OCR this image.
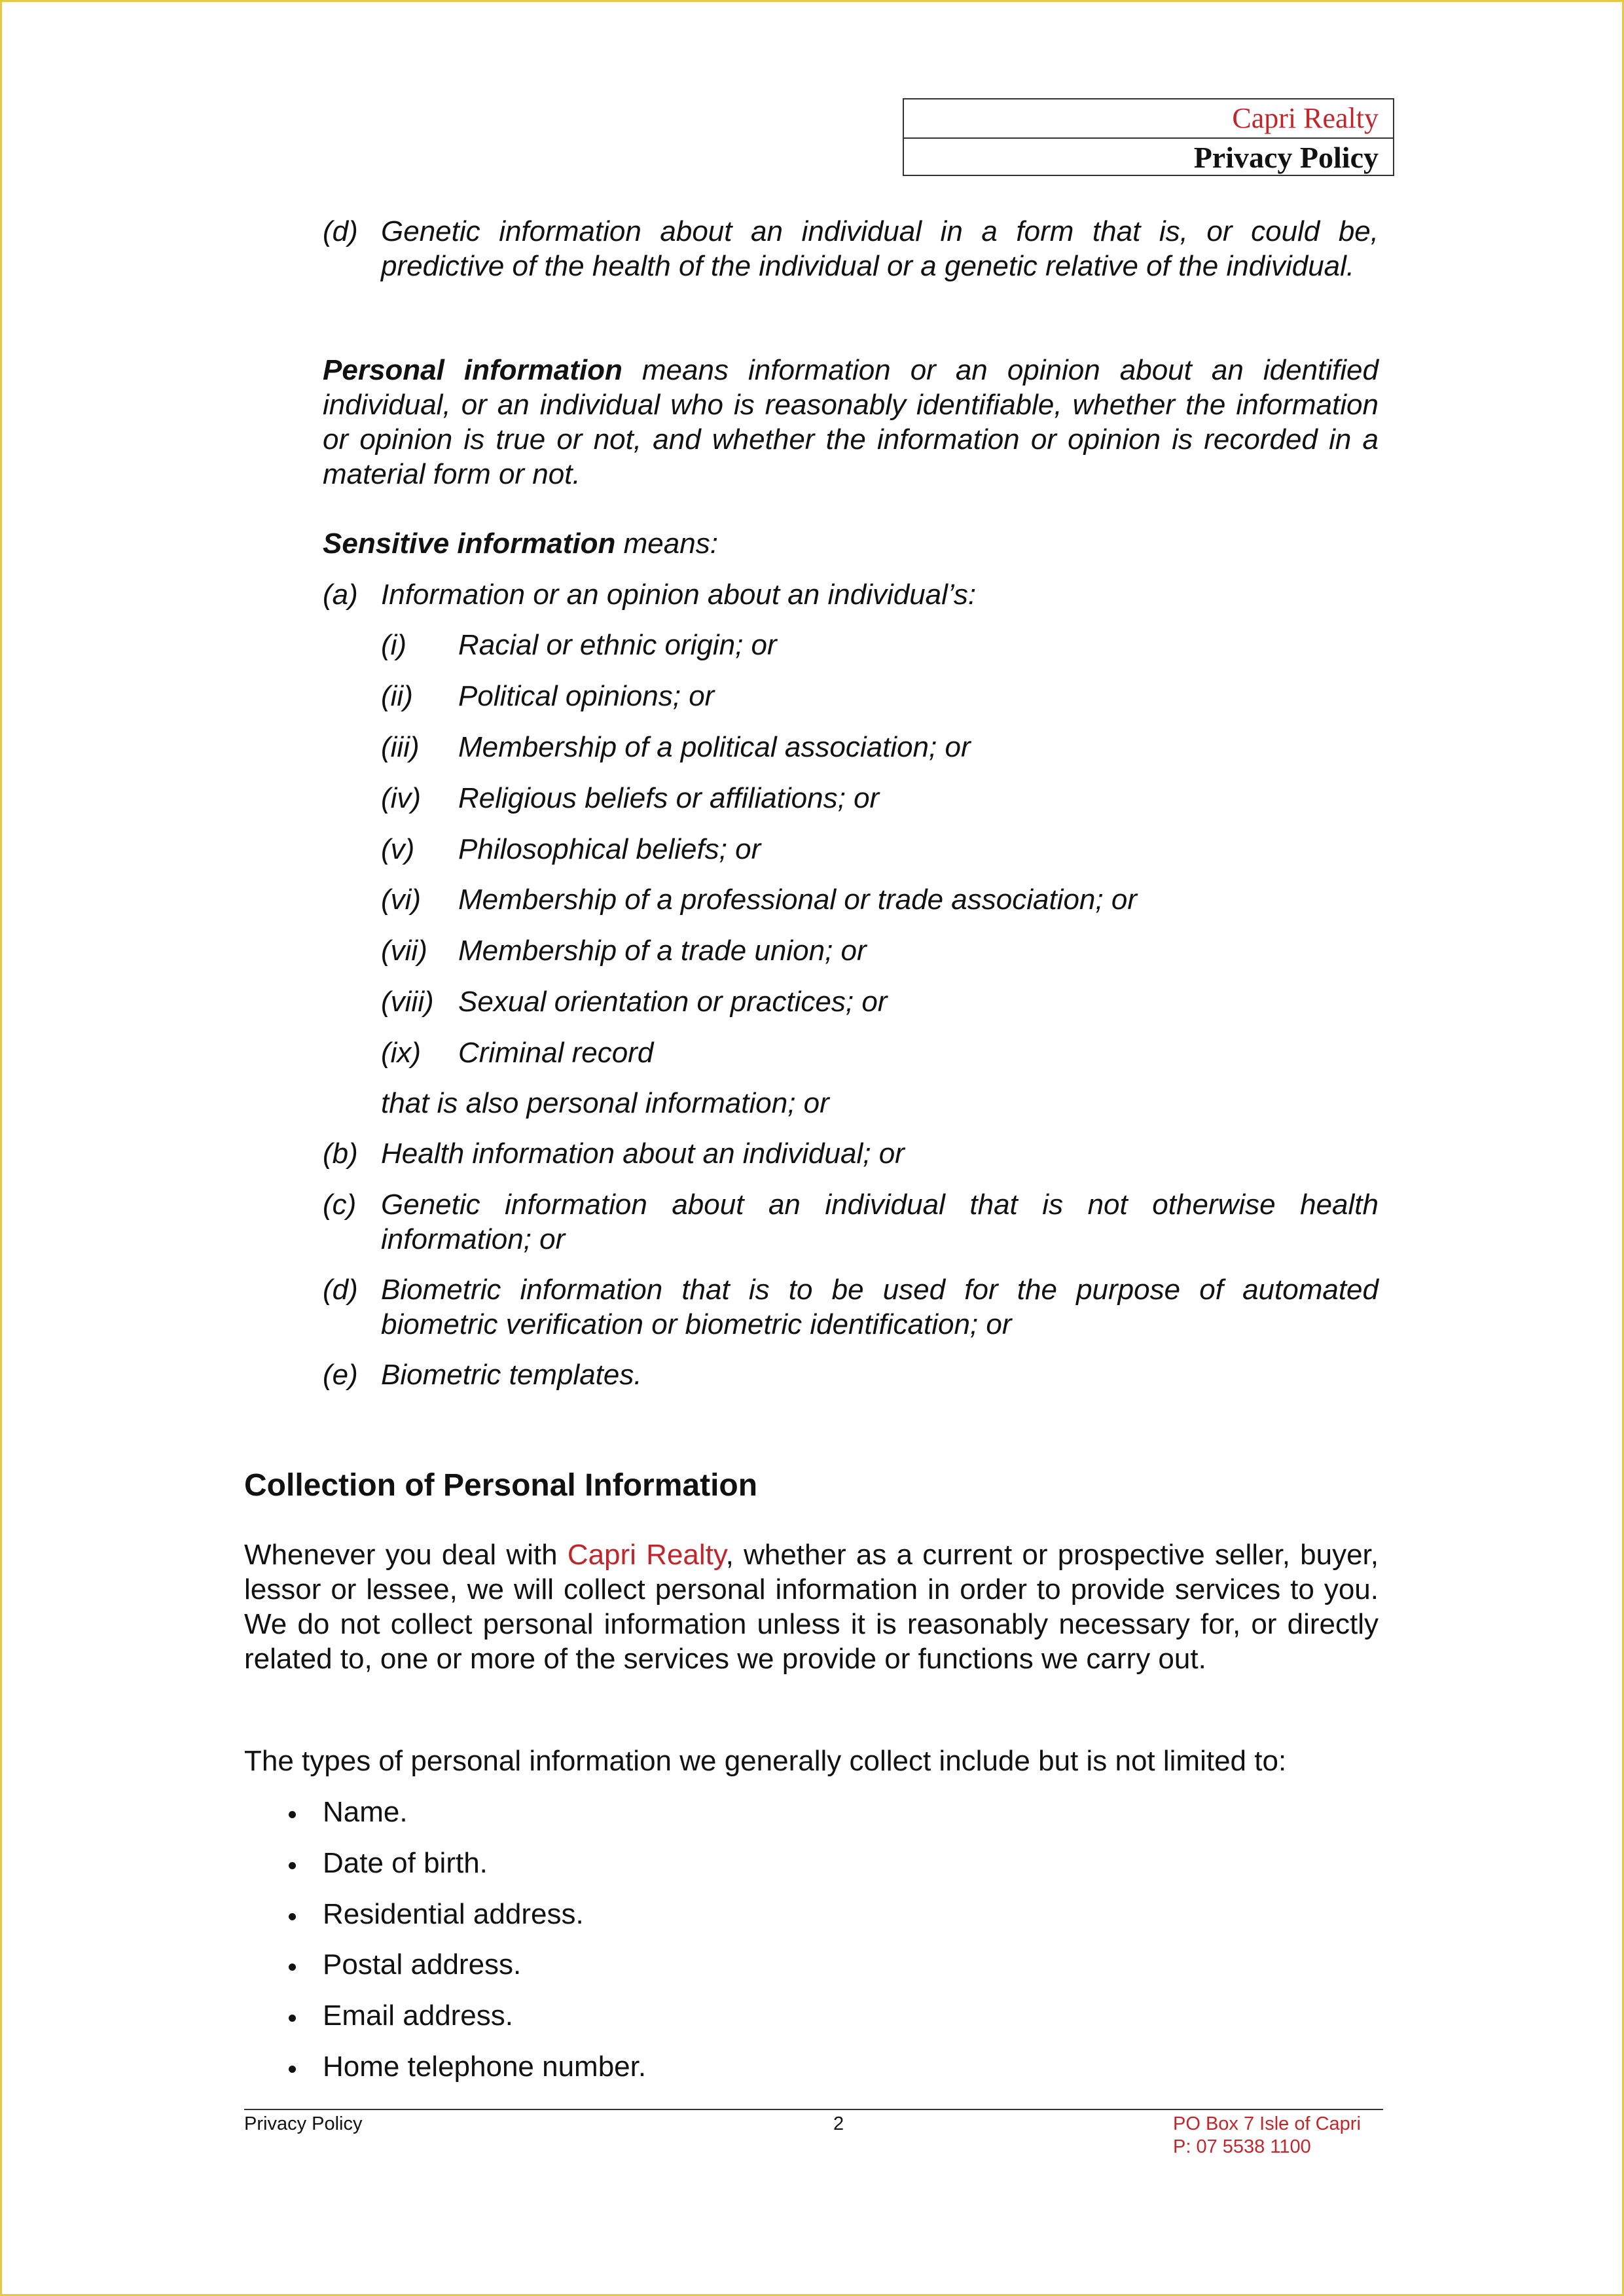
Capri Realty
Privacy Policy
(d) Genetic information about an individual in a form that is, or could be, predictive of the health of the individual or a genetic relative of the individual.
Personal information means information or an opinion about an identified individual, or an individual who is reasonably identifiable, whether the information or opinion is true or not, and whether the information or opinion is recorded in a material form or not.
Sensitive information means:
(a) Information or an opinion about an individual’s:
(i) Racial or ethnic origin; or
(ii) Political opinions; or
(iii) Membership of a political association; or
(iv) Religious beliefs or affiliations; or
(v) Philosophical beliefs; or
(vi) Membership of a professional or trade association; or
(vii) Membership of a trade union; or
(viii) Sexual orientation or practices; or
(ix) Criminal record
that is also personal information; or
(b) Health information about an individual; or
(c) Genetic information about an individual that is not otherwise health information; or
(d) Biometric information that is to be used for the purpose of automated biometric verification or biometric identification; or
(e) Biometric templates.
Collection of Personal Information
Whenever you deal with Capri Realty, whether as a current or prospective seller, buyer, lessor or lessee, we will collect personal information in order to provide services to you. We do not collect personal information unless it is reasonably necessary for, or directly related to, one or more of the services we provide or functions we carry out.
The types of personal information we generally collect include but is not limited to:
Name.
Date of birth.
Residential address.
Postal address.
Email address.
Home telephone number.
Privacy Policy	2	PO Box 7 Isle of Capri
P: 07 5538 1100
